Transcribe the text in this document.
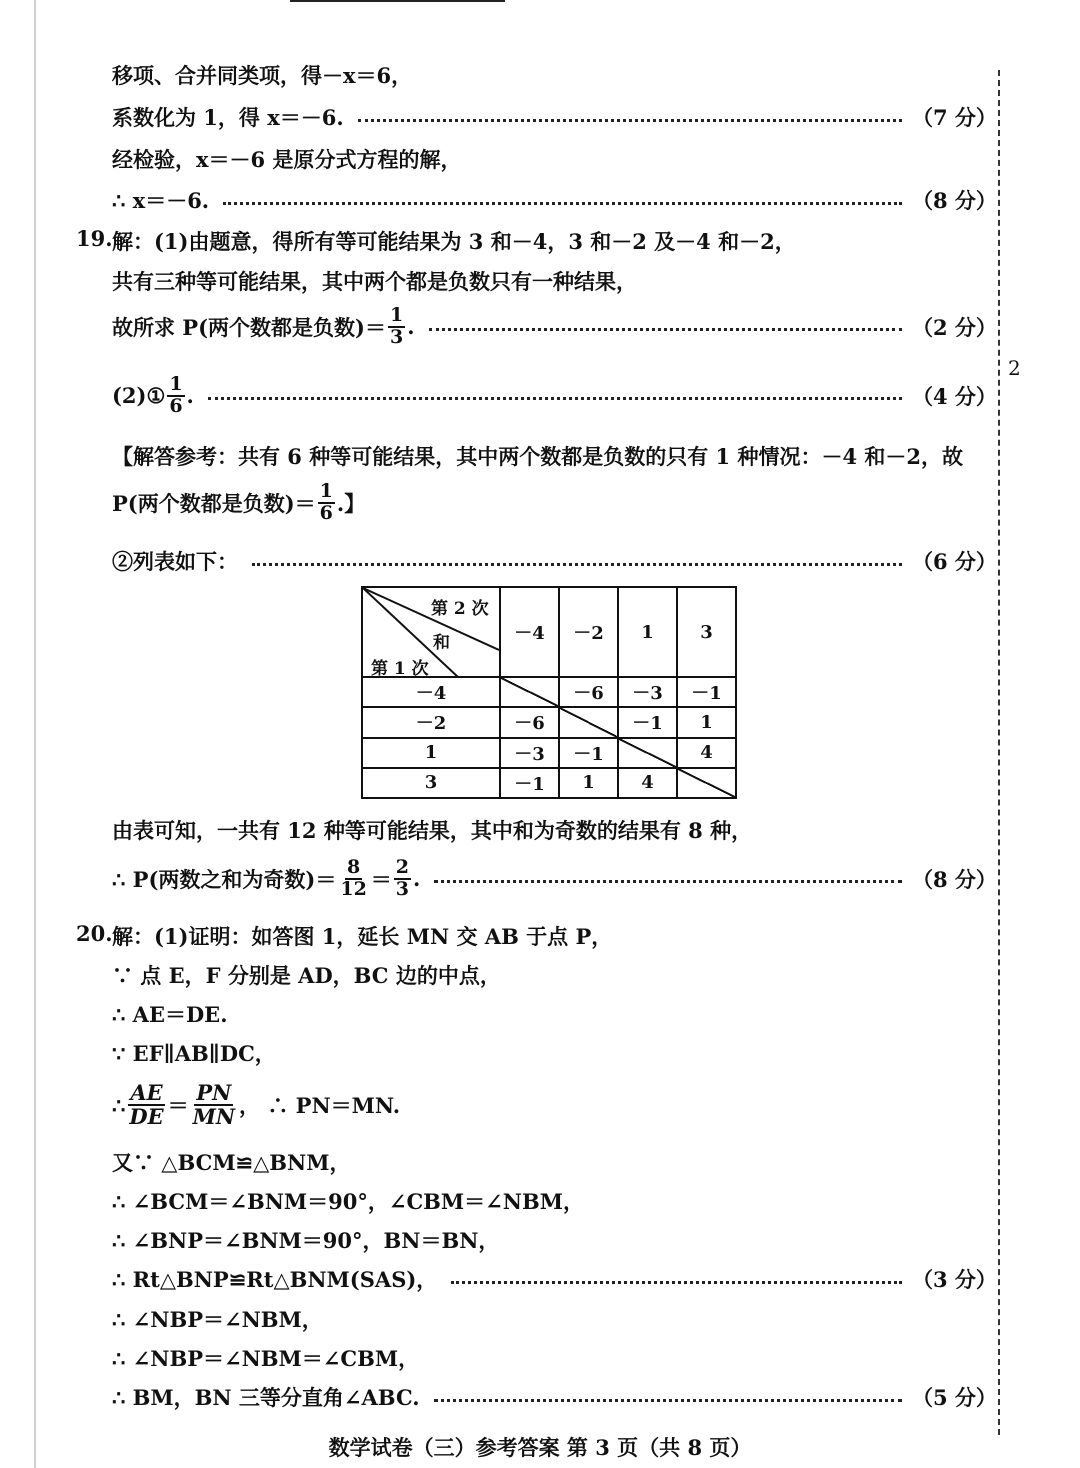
2
移项、合并同类项，得－x＝6，
系数化为 1，得 x＝－6.	（7 分）
经检验，x＝－6 是原分式方程的解，
∴ x＝－6.	（8 分）
19. 解：(1)由题意，得所有等可能结果为 3 和－4，3 和－2 及－4 和－2，
共有三种等可能结果，其中两个都是负数只有一种结果，
故所求 P(两个数都是负数)＝ $\frac{1}{3}$ .	（2 分）
(2)① $\frac{1}{6}$ .	（4 分）
【解答参考：共有 6 种等可能结果，其中两个数都是负数的只有 1 种情况：－4 和－2，故
P(两个数都是负数)＝ $\frac{1}{6}$ .】
②列表如下：	（6 分）
第 2 次
和
第 1 次	－4	－2	1	3
－4		－6	－3	－1
－2	－6		－1	1
1	－3	－1		4
3	－1	1	4	
由表可知，一共有 12 种等可能结果，其中和为奇数的结果有 8 种，
∴ P(两数之和为奇数)＝ $\frac{8}{12} = \frac{2}{3}$ .	（8 分）
20. 解：(1)证明：如答图 1，延长 MN 交 AB 于点 P，
∵ 点 E，F 分别是 AD，BC 边的中点，
∴ AE＝DE.
∵ EF∥AB∥DC，
∴ $\frac{AE}{DE} = \frac{PN}{MN}$ ， ∴ PN＝MN.
又∵ △BCM≌△BNM，
∴ ∠BCM＝∠BNM＝90°，∠CBM＝∠NBM，
∴ ∠BNP＝∠BNM＝90°，BN＝BN，
∴ Rt△BNP≌Rt△BNM(SAS)，	（3 分）
∴ ∠NBP＝∠NBM，
∴ ∠NBP＝∠NBM＝∠CBM，
∴ BM，BN 三等分直角∠ABC.	（5 分）
数学试卷（三）参考答案 第 3 页（共 8 页）
